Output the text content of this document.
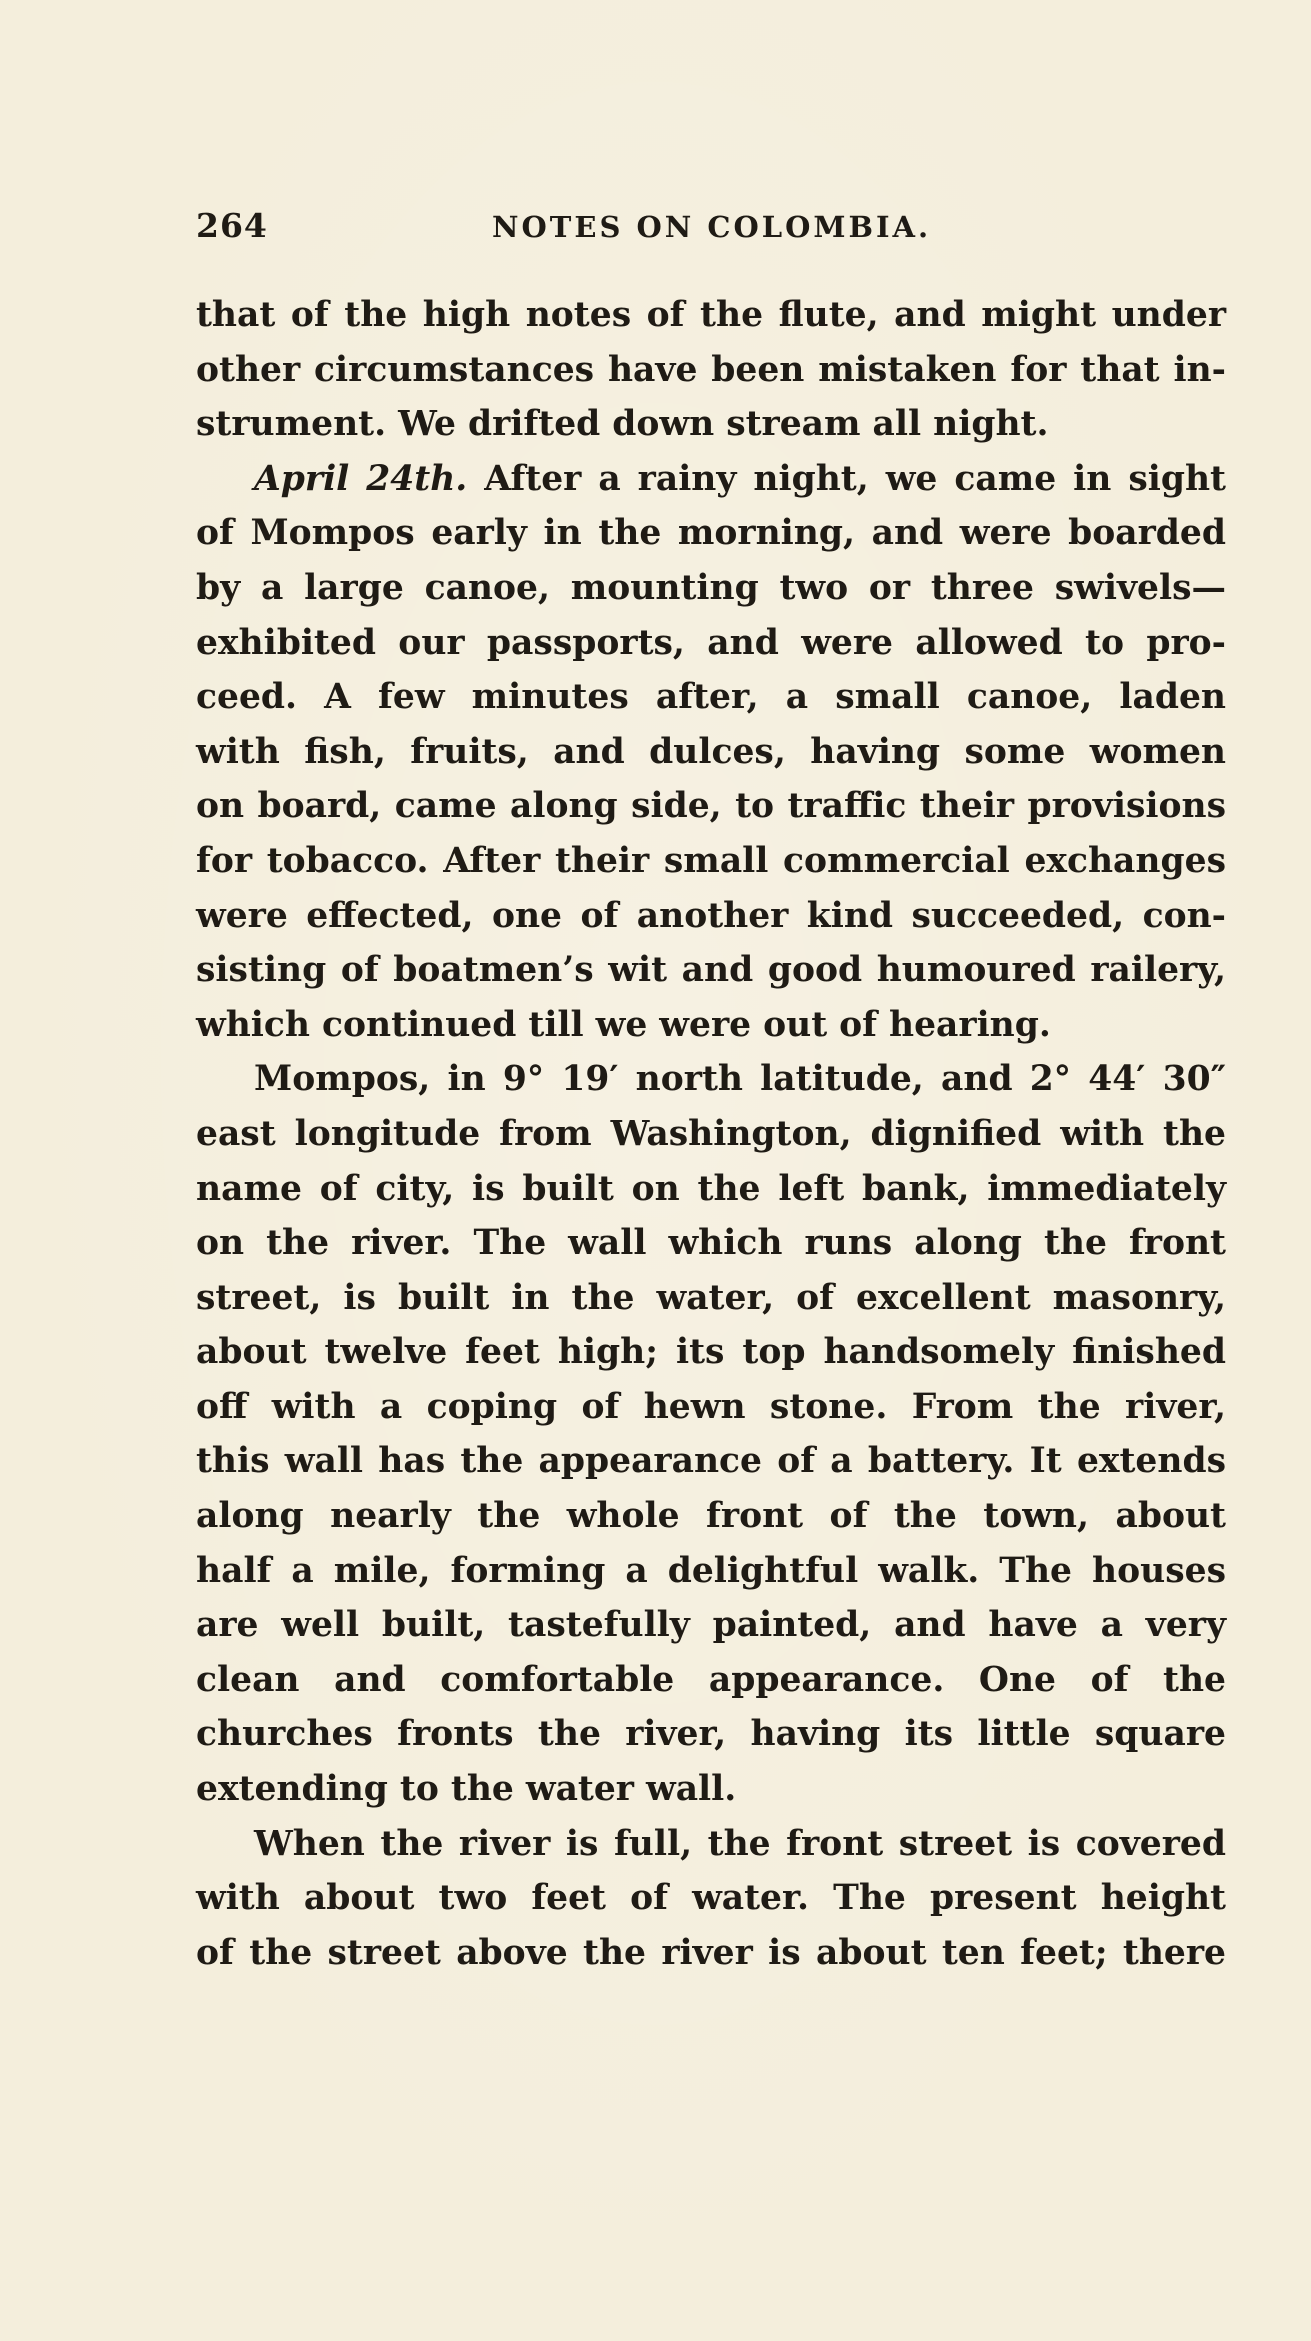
264	NOTES ON COLOMBIA.
that of the high notes of the flute, and might under
other circumstances have been mistaken for that in-
strument. We drifted down stream all night.
April 24th. After a rainy night, we came in sight
of Mompos early in the morning, and were boarded
by a large canoe, mounting two or three swivels—
exhibited our passports, and were allowed to pro-
ceed. A few minutes after, a small canoe, laden
with fish, fruits, and dulces, having some women
on board, came along side, to traffic their provisions
for tobacco. After their small commercial exchanges
were effected, one of another kind succeeded, con-
sisting of boatmen’s wit and good humoured railery,
which continued till we were out of hearing.
Mompos, in 9° 19′ north latitude, and 2° 44′ 30″
east longitude from Washington, dignified with the
name of city, is built on the left bank, immediately
on the river. The wall which runs along the front
street, is built in the water, of excellent masonry,
about twelve feet high; its top handsomely finished
off with a coping of hewn stone. From the river,
this wall has the appearance of a battery. It extends
along nearly the whole front of the town, about
half a mile, forming a delightful walk. The houses
are well built, tastefully painted, and have a very
clean and comfortable appearance. One of the
churches fronts the river, having its little square
extending to the water wall.
When the river is full, the front street is covered
with about two feet of water. The present height
of the street above the river is about ten feet; there
